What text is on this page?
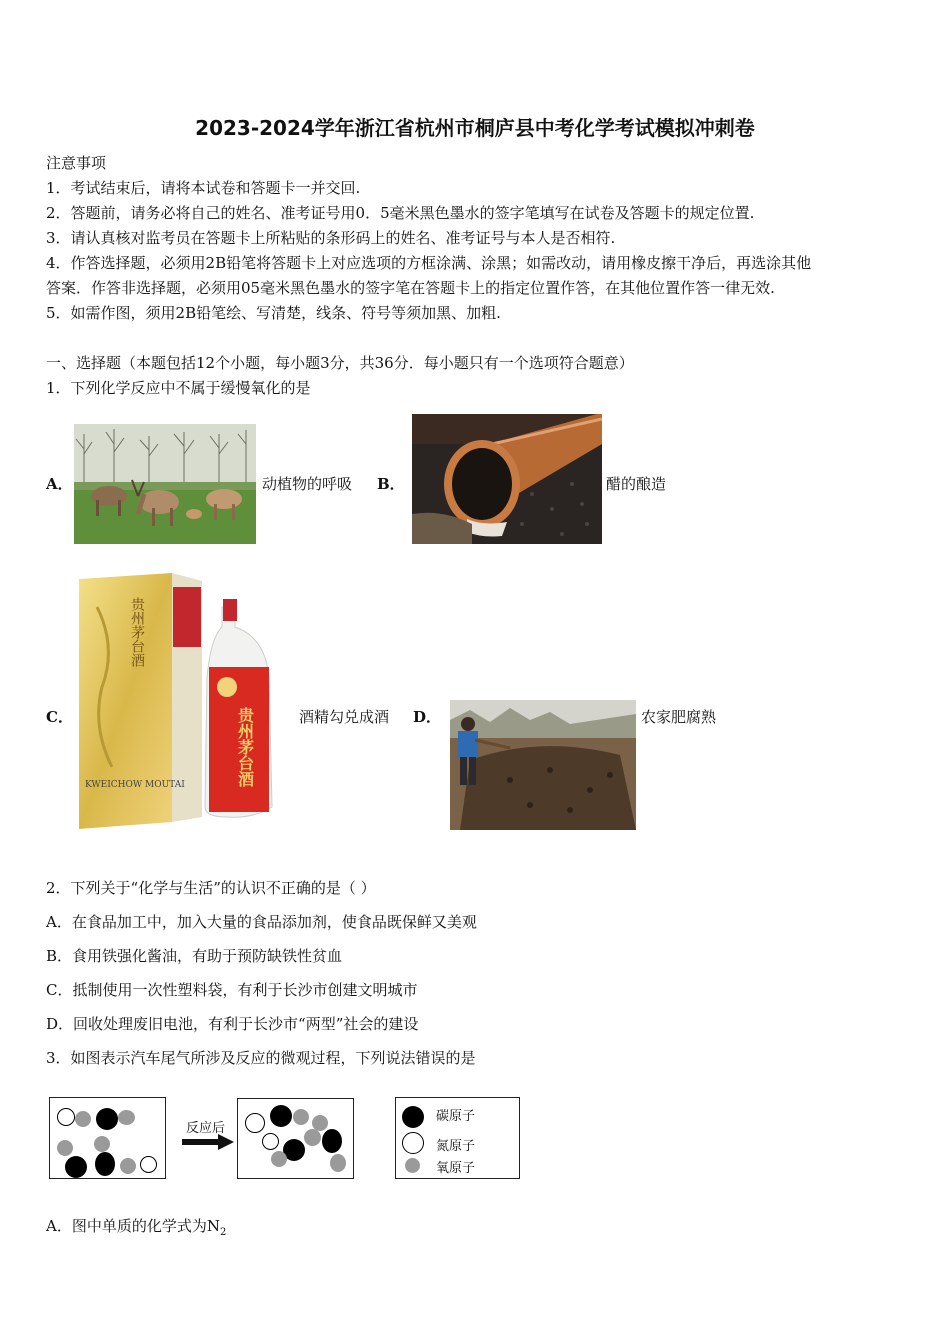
2023-2024学年浙江省杭州市桐庐县中考化学考试模拟冲刺卷
注意事项
1．考试结束后，请将本试卷和答题卡一并交回.
2．答题前，请务必将自己的姓名、准考证号用0．5毫米黑色墨水的签字笔填写在试卷及答题卡的规定位置.
3．请认真核对监考员在答题卡上所粘贴的条形码上的姓名、准考证号与本人是否相符.
4．作答选择题，必须用2B铅笔将答题卡上对应选项的方框涂满、涂黑；如需改动，请用橡皮擦干净后，再选涂其他
答案．作答非选择题，必须用05毫米黑色墨水的签字笔在答题卡上的指定位置作答，在其他位置作答一律无效.
5．如需作图，须用2B铅笔绘、写清楚，线条、符号等须加黑、加粗.
一、选择题（本题包括12个小题，每小题3分，共36分．每小题只有一个选项符合题意）
1．下列化学反应中不属于缓慢氧化的是
A．	动植物的呼吸 B．	醋的酿造
C．
贵州茅台酒
KWEICHOW MOUTAI	贵州茅台酒	酒精勾兑成酒 D．	农家肥腐熟
2．下列关于“化学与生活”的认识不正确的是（ ）
A．在食品加工中，加入大量的食品添加剂，使食品既保鲜又美观
B．食用铁强化酱油，有助于预防缺铁性贫血
C．抵制使用一次性塑料袋，有利于长沙市创建文明城市
D．回收处理废旧电池，有利于长沙市“两型”社会的建设
3．如图表示汽车尾气所涉及反应的微观过程，下列说法错误的是
反应后
碳原子
氮原子
氧原子
A．图中单质的化学式为$N_2$
